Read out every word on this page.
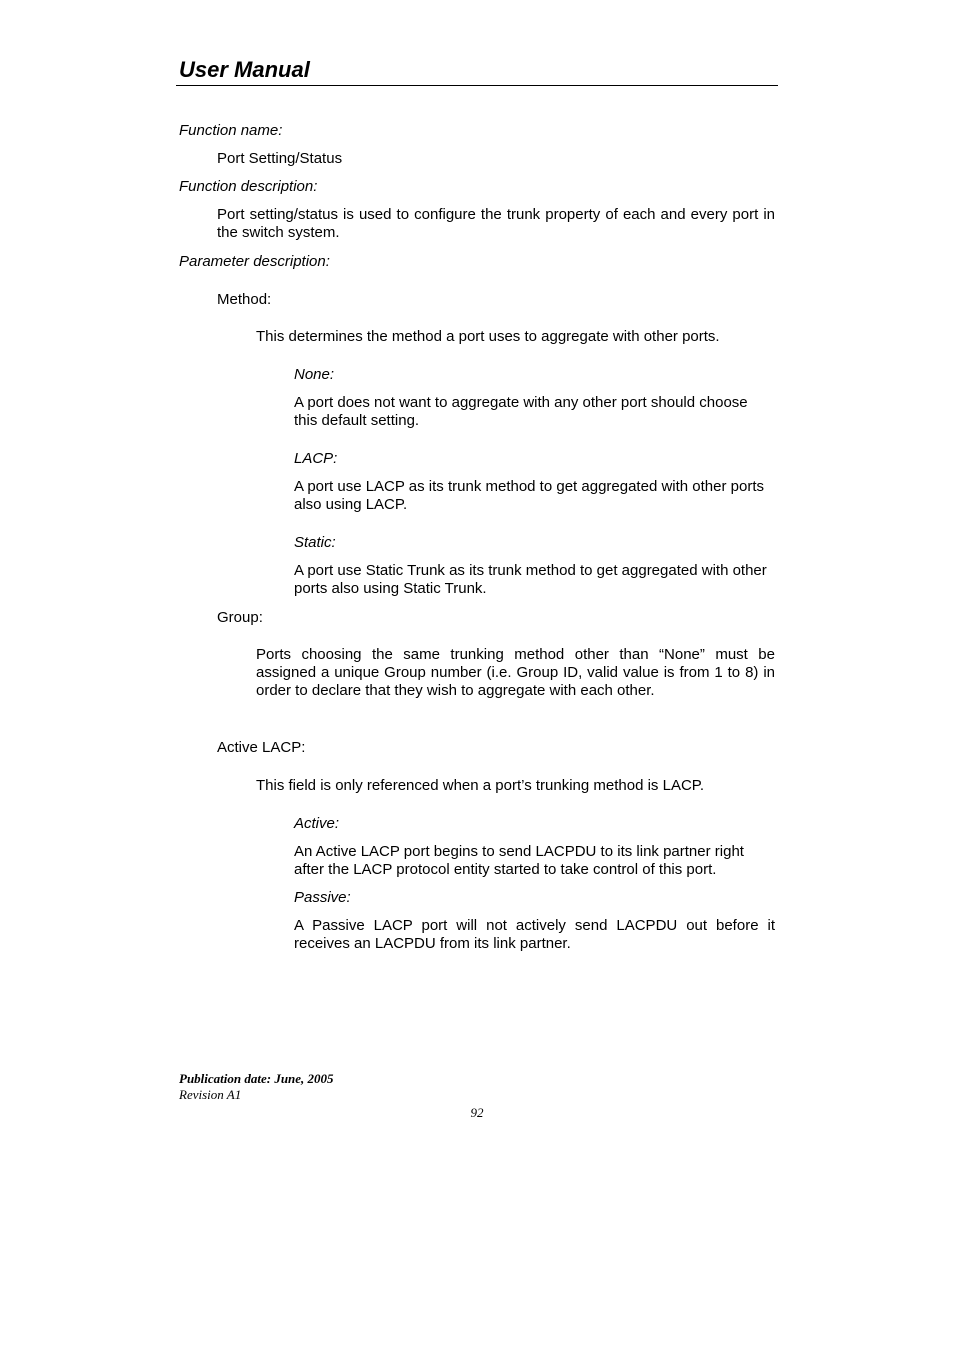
User Manual

Function name:

Port Setting/Status

Function description:

Port setting/status is used to configure the trunk property of each and every port in the switch system.

Parameter description:

Method:

This determines the method a port uses to aggregate with other ports.

None:

A port does not want to aggregate with any other port should choose this default setting.

LACP:

A port use LACP as its trunk method to get aggregated with other ports also using LACP.

Static:

A port use Static Trunk as its trunk method to get aggregated with other ports also using Static Trunk.

Group:

Ports choosing the same trunking method other than “None” must be assigned a unique Group number (i.e. Group ID, valid value is from 1 to 8) in order to declare that they wish to aggregate with each other.

Active LACP:

This field is only referenced when a port’s trunking method is LACP.

Active:

An Active LACP port begins to send LACPDU to its link partner right after the LACP protocol entity started to take control of this port.

Passive:

A Passive LACP port will not actively send LACPDU out before it receives an LACPDU from its link partner.

Publication date: June, 2005

Revision A1

92
